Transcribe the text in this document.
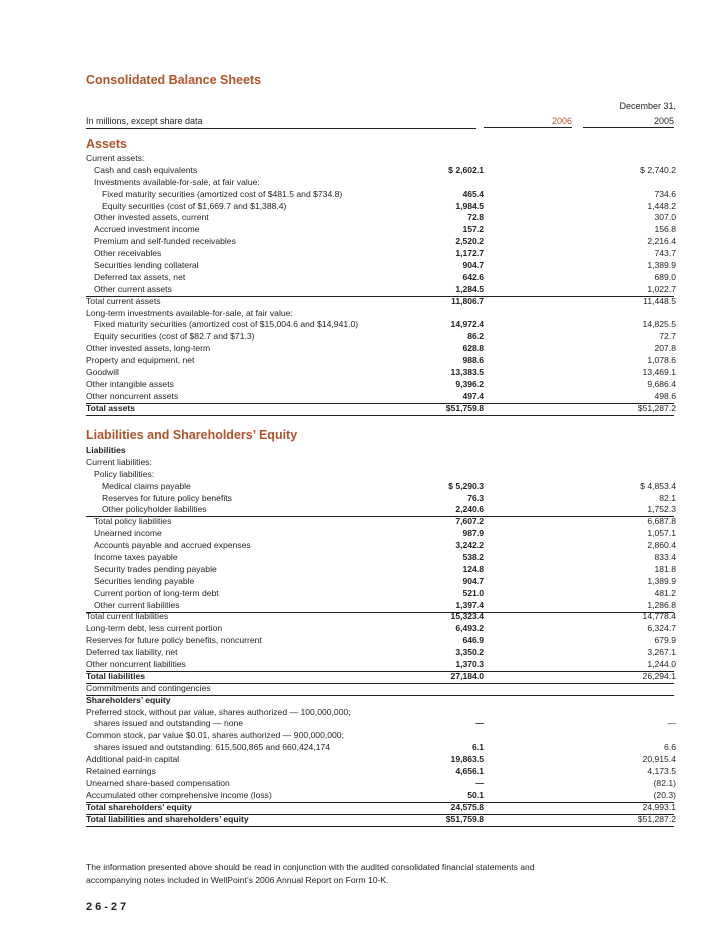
Consolidated Balance Sheets
December 31,
In millions, except share data	2006	2005
Assets
Current assets:
Cash and cash equivalents	$ 2,602.1	$ 2,740.2
Investments available-for-sale, at fair value:
Fixed maturity securities (amortized cost of $481.5 and $734.8)	465.4	734.6
Equity securities (cost of $1,669.7 and $1,388.4)	1,984.5	1,448.2
Other invested assets, current	72.8	307.0
Accrued investment income	157.2	156.8
Premium and self-funded receivables	2,520.2	2,216.4
Other receivables	1,172.7	743.7
Securities lending collateral	904.7	1,389.9
Deferred tax assets, net	642.6	689.0
Other current assets	1,284.5	1,022.7
Total current assets	11,806.7	11,448.5
Long-term investments available-for-sale, at fair value:
Fixed maturity securities (amortized cost of $15,004.6 and $14,941.0)	14,972.4	14,825.5
Equity securities (cost of $82.7 and $71.3)	86.2	72.7
Other invested assets, long-term	628.8	207.8
Property and equipment, net	988.6	1,078.6
Goodwill	13,383.5	13,469.1
Other intangible assets	9,396.2	9,686.4
Other noncurrent assets	497.4	498.6
Total assets	$51,759.8	$51,287.2
Liabilities and Shareholders’ Equity
Liabilities
Current liabilities:
Policy liabilities:
Medical claims payable	$ 5,290.3	$ 4,853.4
Reserves for future policy benefits	76.3	82.1
Other policyholder liabilities	2,240.6	1,752.3
Total policy liabilities	7,607.2	6,687.8
Unearned income	987.9	1,057.1
Accounts payable and accrued expenses	3,242.2	2,860.4
Income taxes payable	538.2	833.4
Security trades pending payable	124.8	181.8
Securities lending payable	904.7	1,389.9
Current portion of long-term debt	521.0	481.2
Other current liabilities	1,397.4	1,286.8
Total current liabilities	15,323.4	14,778.4
Long-term debt, less current portion	6,493.2	6,324.7
Reserves for future policy benefits, noncurrent	646.9	679.9
Deferred tax liability, net	3,350.2	3,267.1
Other noncurrent liabilities	1,370.3	1,244.0
Total liabilities	27,184.0	26,294.1
Commitments and contingencies
Shareholders’ equity
Preferred stock, without par value, shares authorized — 100,000,000;
shares issued and outstanding — none	—	—
Common stock, par value $0.01, shares authorized — 900,000,000;
shares issued and outstanding: 615,500,865 and 660,424,174	6.1	6.6
Additional paid-in capital	19,863.5	20,915.4
Retained earnings	4,656.1	4,173.5
Unearned share-based compensation	—	(82.1)
Accumulated other comprehensive income (loss)	50.1	(20.3)
Total shareholders’ equity	24,575.8	24,993.1
Total liabilities and shareholders’ equity	$51,759.8	$51,287.2
The information presented above should be read in conjunction with the audited consolidated financial statements and accompanying notes included in WellPoint’s 2006 Annual Report on Form 10-K.
26-27
